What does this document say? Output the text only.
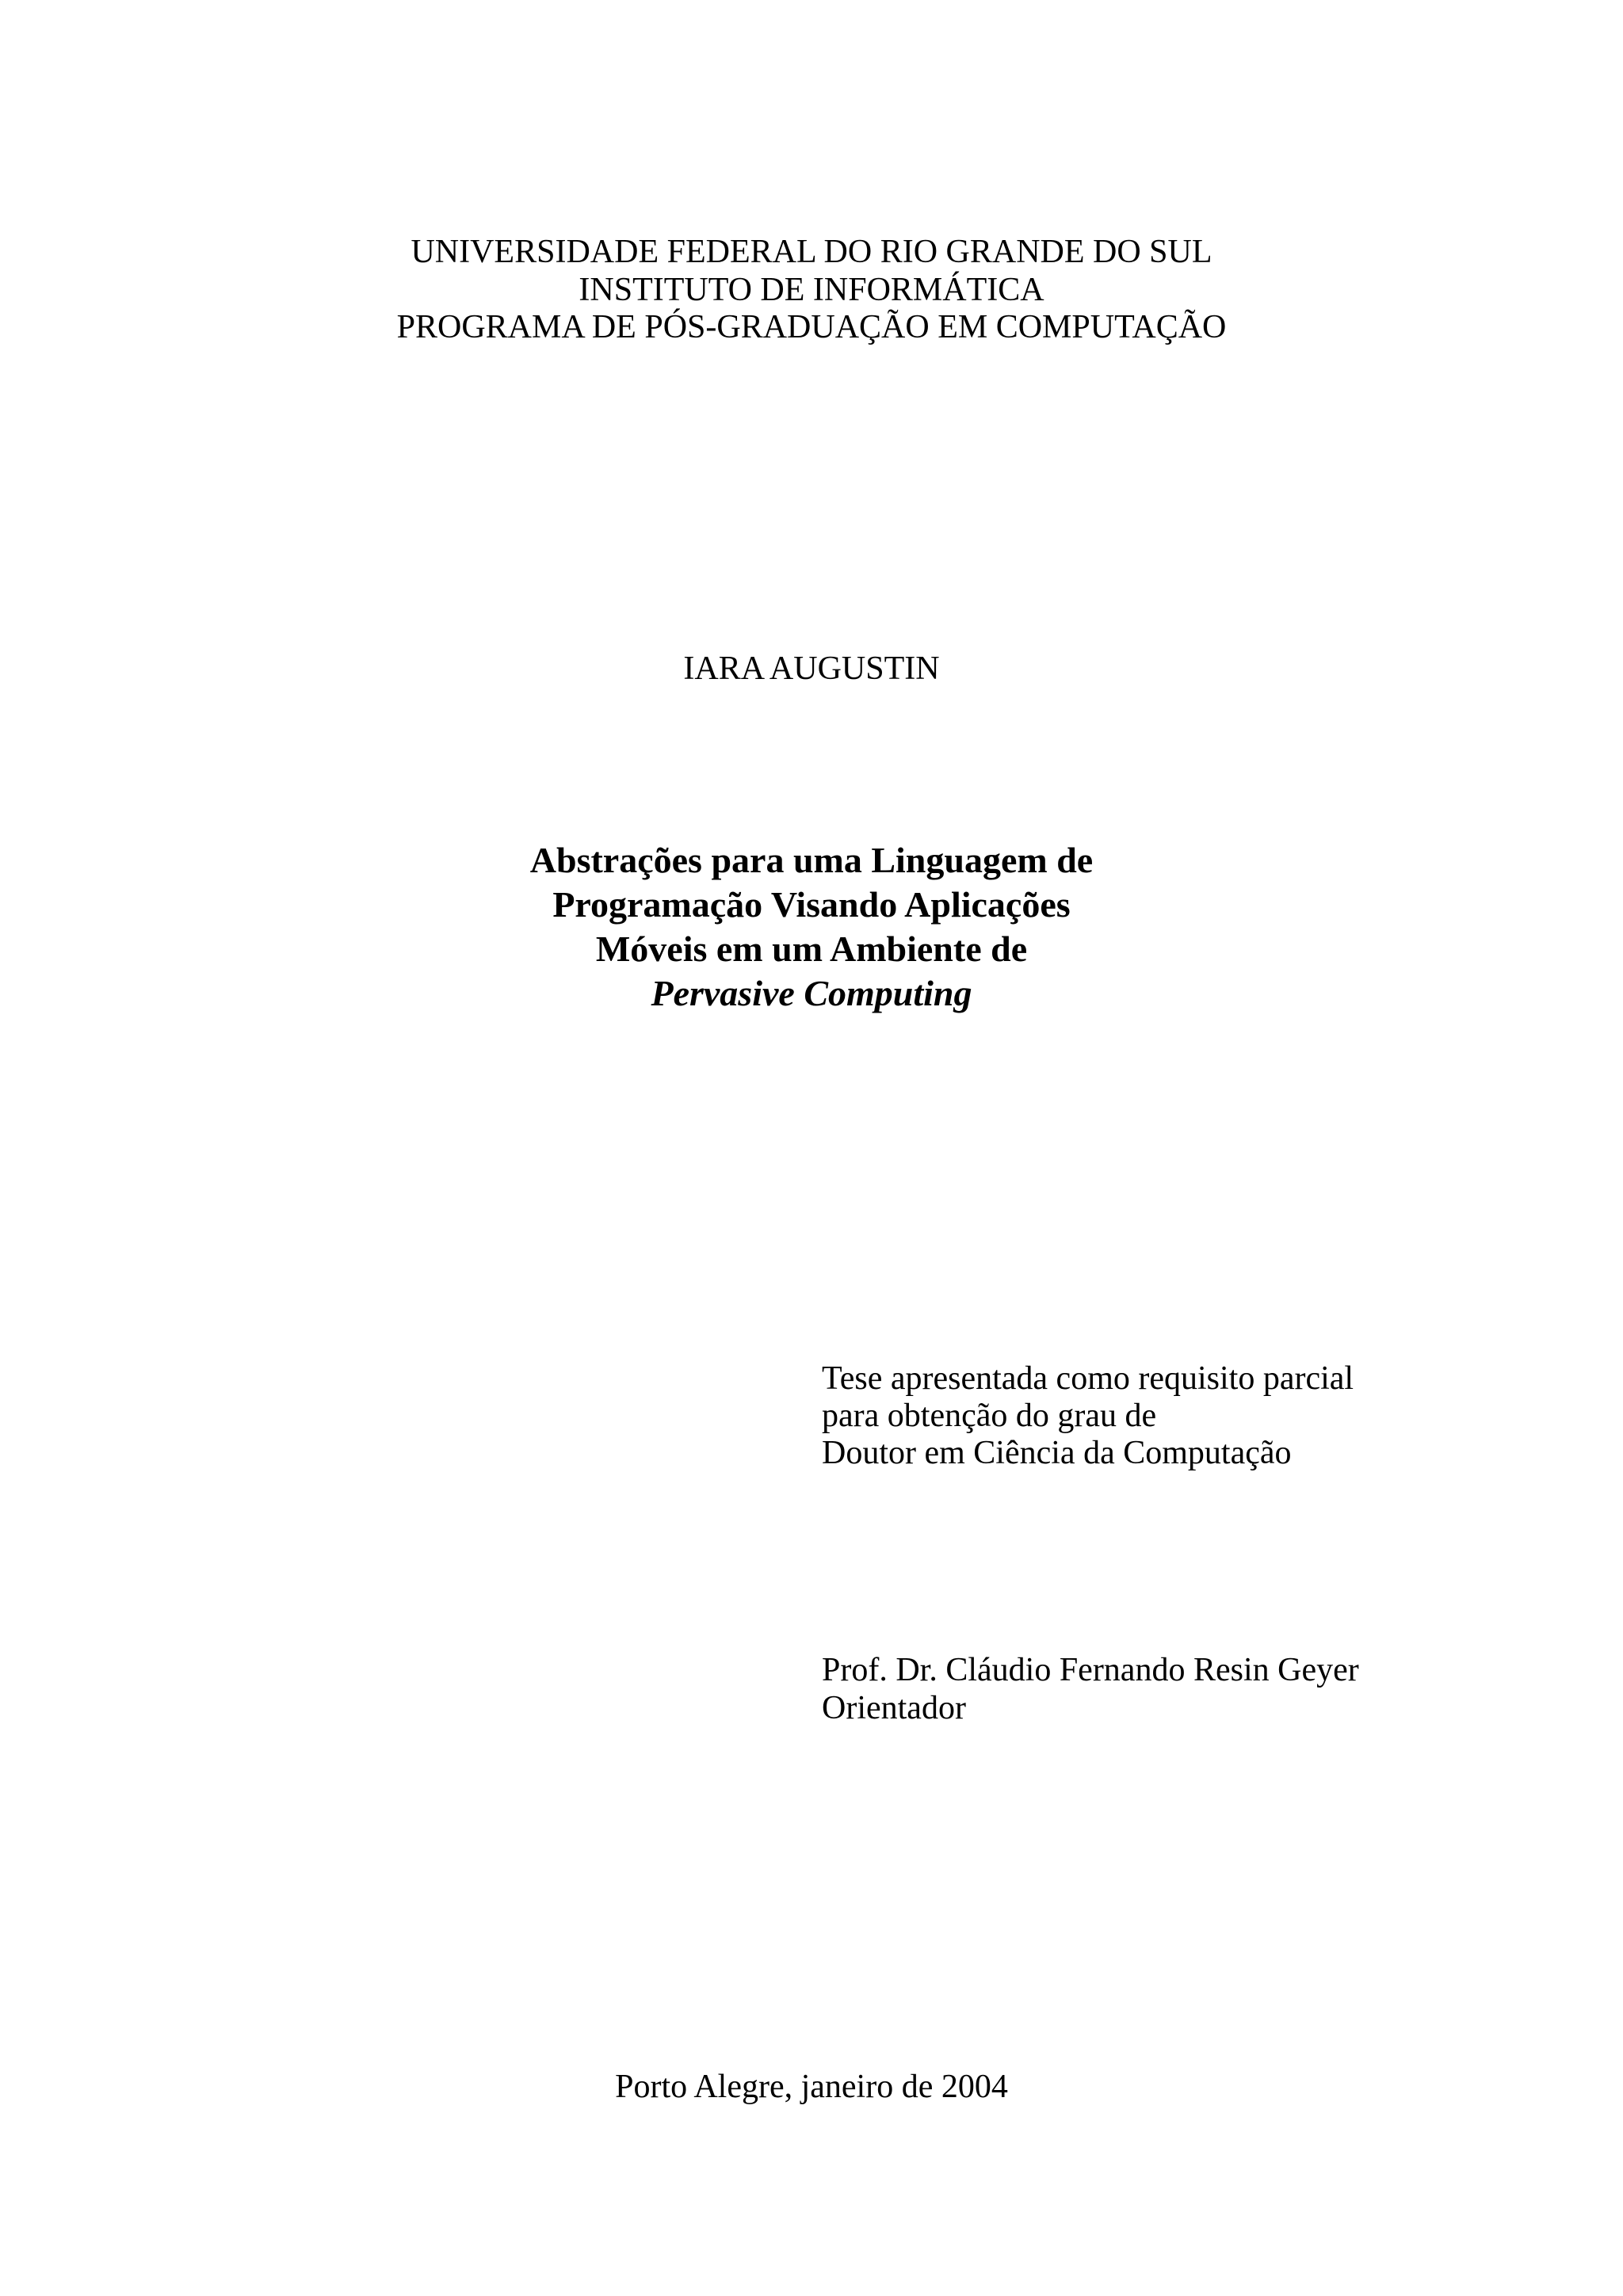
UNIVERSIDADE FEDERAL DO RIO GRANDE DO SUL
INSTITUTO DE INFORMÁTICA
PROGRAMA DE PÓS-GRADUAÇÃO EM COMPUTAÇÃO
IARA AUGUSTIN
Abstrações para uma Linguagem de
Programação Visando Aplicações
Móveis em um Ambiente de
Pervasive Computing
Tese apresentada como requisito parcial
para obtenção do grau de
Doutor em Ciência da Computação
Prof. Dr. Cláudio Fernando Resin Geyer
Orientador
Porto Alegre, janeiro de 2004
